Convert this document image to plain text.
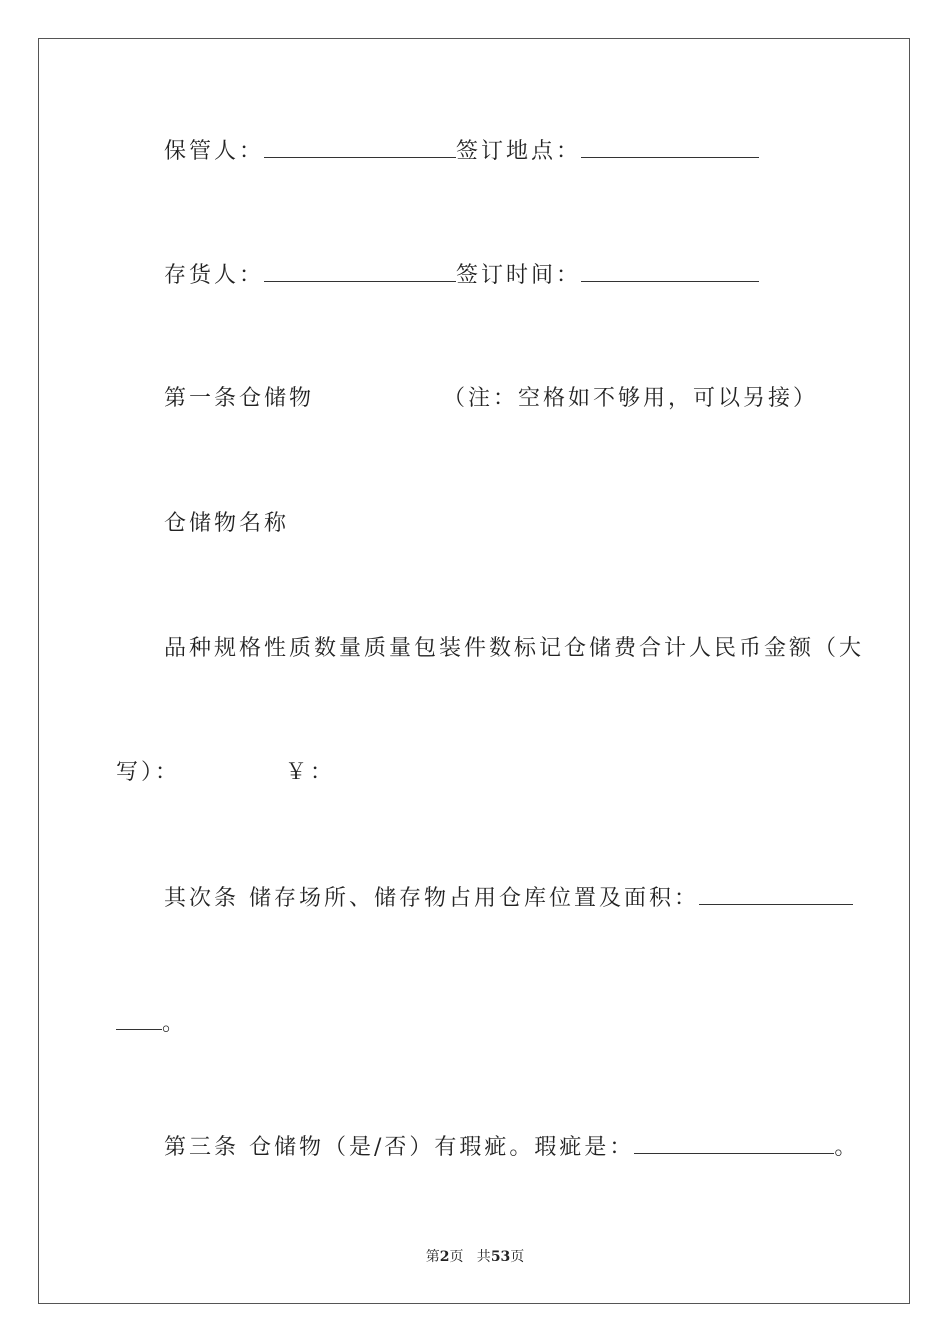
保管人：	签订地点：
存货人：	签订时间：
第一条仓储物	（注：空格如不够用，可以另接）
仓储物名称
品种规格性质数量质量包装件数标记仓储费合计人民币金额（大
写）：	￥：
其次条 储存场所、储存物占用仓库位置及面积：
。
第三条 仓储物（是/否）有瑕疵。瑕疵是：	。
第2页   共53页
